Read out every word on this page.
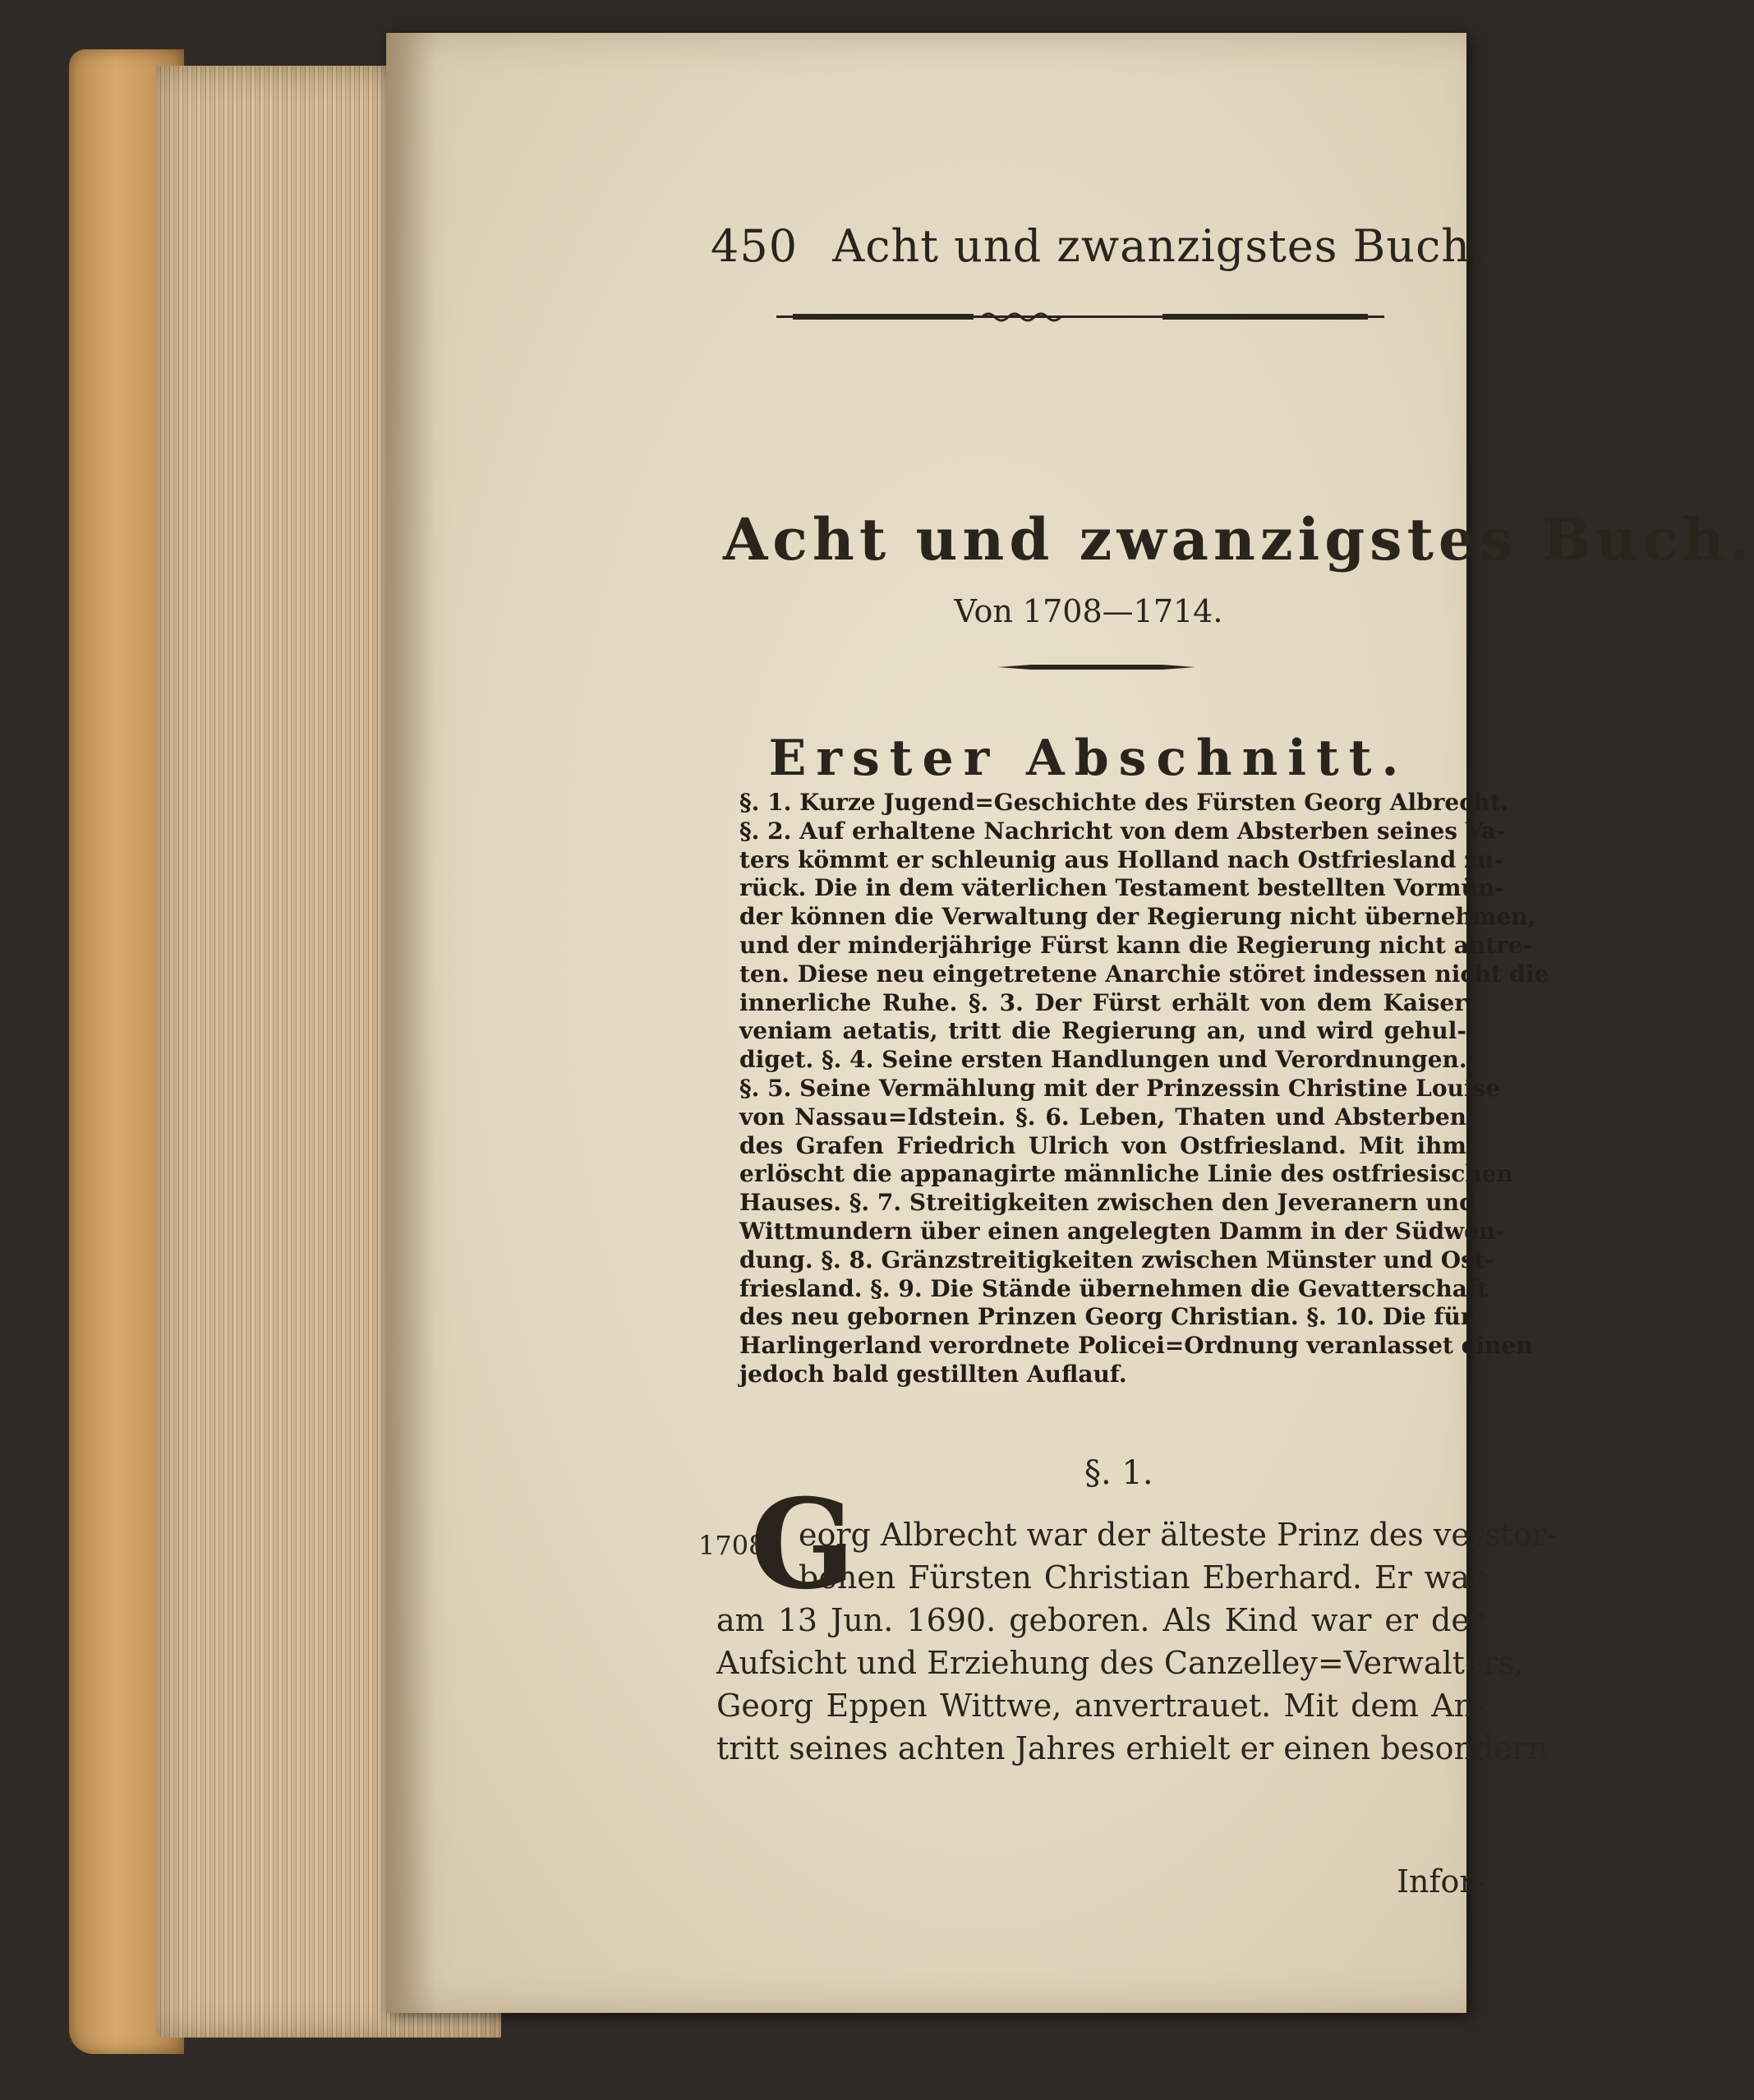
450 Acht und zwanzigstes Buch.
Acht und zwanzigstes Buch.
Von 1708—1714.
Erster Abschnitt.
§. 1. Kurze Jugend=Geschichte des Fürsten Georg Albrecht.
§. 2. Auf erhaltene Nachricht von dem Absterben seines Va-
ters kömmt er schleunig aus Holland nach Ostfriesland zu-
rück. Die in dem väterlichen Testament bestellten Vormün-
der können die Verwaltung der Regierung nicht übernehmen,
und der minderjährige Fürst kann die Regierung nicht antre-
ten. Diese neu eingetretene Anarchie störet indessen nicht die
innerliche Ruhe. §. 3. Der Fürst erhält von dem Kaiser
veniam aetatis, tritt die Regierung an, und wird gehul-
diget. §. 4. Seine ersten Handlungen und Verordnungen.
§. 5. Seine Vermählung mit der Prinzessin Christine Louise
von Nassau=Idstein. §. 6. Leben, Thaten und Absterben
des Grafen Friedrich Ulrich von Ostfriesland. Mit ihm
erlöscht die appanagirte männliche Linie des ostfriesischen
Hauses. §. 7. Streitigkeiten zwischen den Jeveranern und
Wittmundern über einen angelegten Damm in der Südwen-
dung. §. 8. Gränzstreitigkeiten zwischen Münster und Ost-
friesland. §. 9. Die Stände übernehmen die Gevatterschaft
des neu gebornen Prinzen Georg Christian. §. 10. Die für
Harlingerland verordnete Policei=Ordnung veranlasset einen
jedoch bald gestillten Auflauf.
§. 1.
1708
G
eorg Albrecht war der älteste Prinz des verstor-
benen Fürsten Christian Eberhard. Er war
am 13 Jun. 1690. geboren. Als Kind war er der
Aufsicht und Erziehung des Canzelley=Verwalters,
Georg Eppen Wittwe, anvertrauet. Mit dem An-
tritt seines achten Jahres erhielt er einen besondern
Infor-
